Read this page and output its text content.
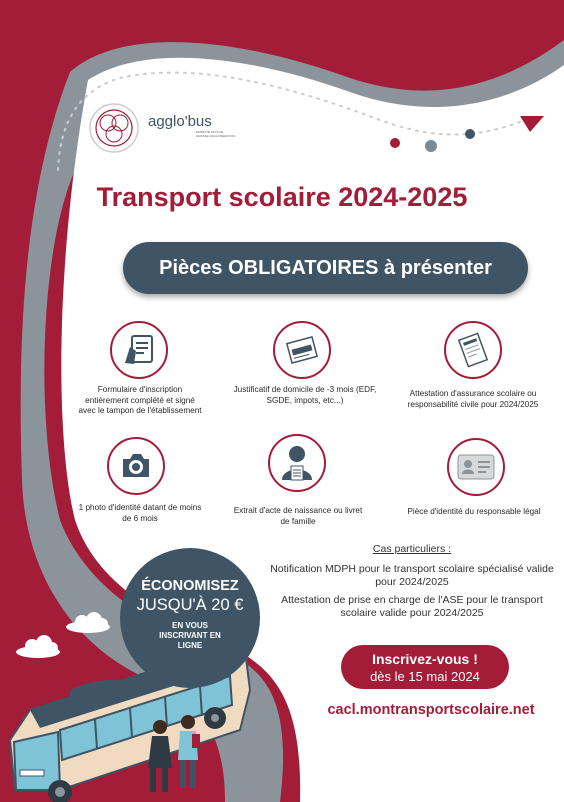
agglo'bus
MOBILITÉ PAYS DE GRASSE AGGLOMÉRATION
Transport scolaire 2024-2025
Pièces OBLIGATOIRES à présenter
Formulaire d'inscription entièrement complété et signé avec le tampon de l'établissement
Justificatif de domicile de -3 mois (EDF, SGDE, impots, etc...)
Attestation d'assurance scolaire ou responsabilité civile pour 2024/2025
1 photo d'identité datant de moins de 6 mois
Extrait d'acte de naissance ou livret de famille
Pièce d'identité du responsable légal
Cas particuliers :
Notification MDPH pour le transport scolaire spécialisé valide pour 2024/2025
Attestation de prise en charge de l'ASE pour le transport scolaire valide pour 2024/2025
ÉCONOMISEZ
JUSQU'À 20 €
EN VOUS INSCRIVANT EN LIGNE
Inscrivez-vous !
dès le 15 mai 2024
cacl.montransportscolaire.net
